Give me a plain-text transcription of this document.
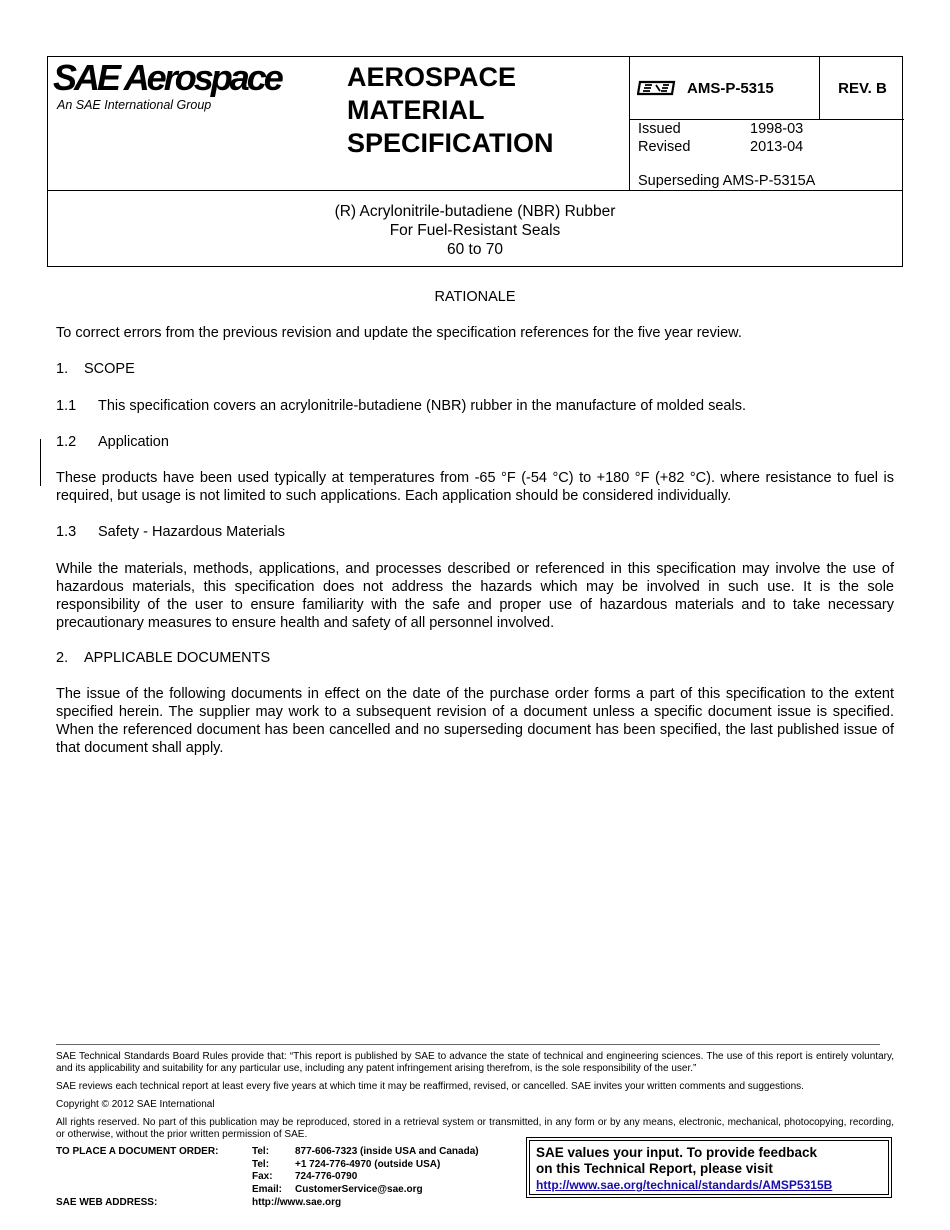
SAE Aerospace
An SAE International Group
AEROSPACE
MATERIAL
SPECIFICATION
AMS-P-5315	REV. B
Issued	1998-03
Revised	2013-04
Superseding AMS-P-5315A
(R) Acrylonitrile-butadiene (NBR) Rubber
For Fuel-Resistant Seals
60 to 70
RATIONALE
To correct errors from the previous revision and update the specification references for the five year review.
1. SCOPE
1.1 This specification covers an acrylonitrile-butadiene (NBR) rubber in the manufacture of molded seals.
1.2 Application
These products have been used typically at temperatures from -65 °F (-54 °C) to +180 °F (+82 °C). where resistance to fuel is required, but usage is not limited to such applications. Each application should be considered individually.
1.3 Safety - Hazardous Materials
While the materials, methods, applications, and processes described or referenced in this specification may involve the use of hazardous materials, this specification does not address the hazards which may be involved in such use. It is the sole responsibility of the user to ensure familiarity with the safe and proper use of hazardous materials and to take necessary precautionary measures to ensure health and safety of all personnel involved.
2. APPLICABLE DOCUMENTS
The issue of the following documents in effect on the date of the purchase order forms a part of this specification to the extent specified herein. The supplier may work to a subsequent revision of a document unless a specific document issue is specified. When the referenced document has been cancelled and no superseding document has been specified, the last published issue of that document shall apply.
SAE Technical Standards Board Rules provide that: “This report is published by SAE to advance the state of technical and engineering sciences. The use of this report is entirely voluntary, and its applicability and suitability for any particular use, including any patent infringement arising therefrom, is the sole responsibility of the user.”
SAE reviews each technical report at least every five years at which time it may be reaffirmed, revised, or cancelled. SAE invites your written comments and suggestions.
Copyright © 2012 SAE International
All rights reserved. No part of this publication may be reproduced, stored in a retrieval system or transmitted, in any form or by any means, electronic, mechanical, photocopying, recording, or otherwise, without the prior written permission of SAE.
TO PLACE A DOCUMENT ORDER:	Tel:	877-606-7323 (inside USA and Canada)
Tel:	+1 724-776-4970 (outside USA)
Fax:	724-776-0790
Email:	CustomerService@sae.org
SAE WEB ADDRESS:	http://www.sae.org
SAE values your input. To provide feedback
on this Technical Report, please visit
http://www.sae.org/technical/standards/AMSP5315B
